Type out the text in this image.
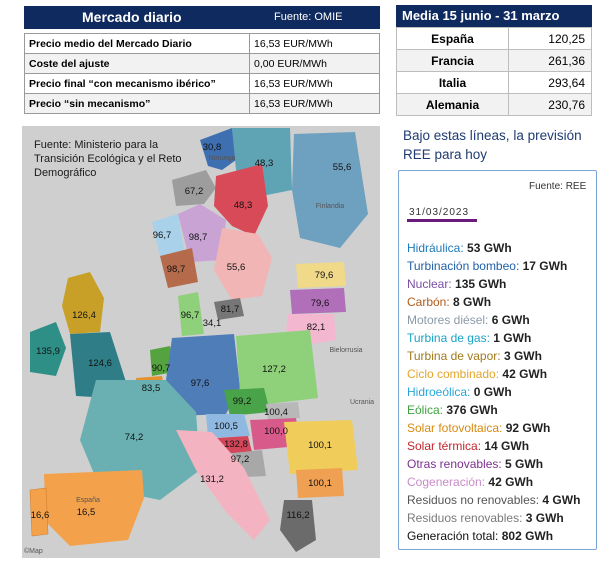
Mercado diario	Fuente: OMIE
Precio medio del Mercado Diario	16,53 EUR/MWh
Coste del ajuste	0,00 EUR/MWh
Precio final “con mecanismo ibérico”	16,53 EUR/MWh
Precio “sin mecanismo”	16,53 EUR/MWh
Media 15 junio - 31 marzo
España	120,25
Francia	261,36
Italia	293,64
Alemania	230,76
30,8
48,3	55,6
67,2
48,3
96,7 98,7
98,7	55,6
79,6
79,6
82,1
96,7
81,7
34,1
126,4
135,9
124,6	90,7
83,5	97,6
127,2
99,2
100,4
100,5	100,0
100,1
132,8
97,2
74,2
131,2	100,1
16,5
16,6	116,2
Bielorrusia
Ucrania
Noruega
Finlandia
España
Fuente: Ministerio para la Transición Ecológica y el Reto Demográfico
©Map
Bajo estas líneas, la previsión REE para hoy
Fuente: REE
31/03/2023
Hidráulica: 53 GWh
Turbinación bombeo: 17 GWh
Nuclear: 135 GWh
Carbón: 8 GWh
Motores diésel: 6 GWh
Turbina de gas: 1 GWh
Turbina de vapor: 3 GWh
Ciclo combinado: 42 GWh
Hidroeólica: 0 GWh
Eólica: 376 GWh
Solar fotovoltaica: 92 GWh
Solar térmica: 14 GWh
Otras renovables: 5 GWh
Cogeneración: 42 GWh
Residuos no renovables: 4 GWh
Residuos renovables: 3 GWh
Generación total: 802 GWh
